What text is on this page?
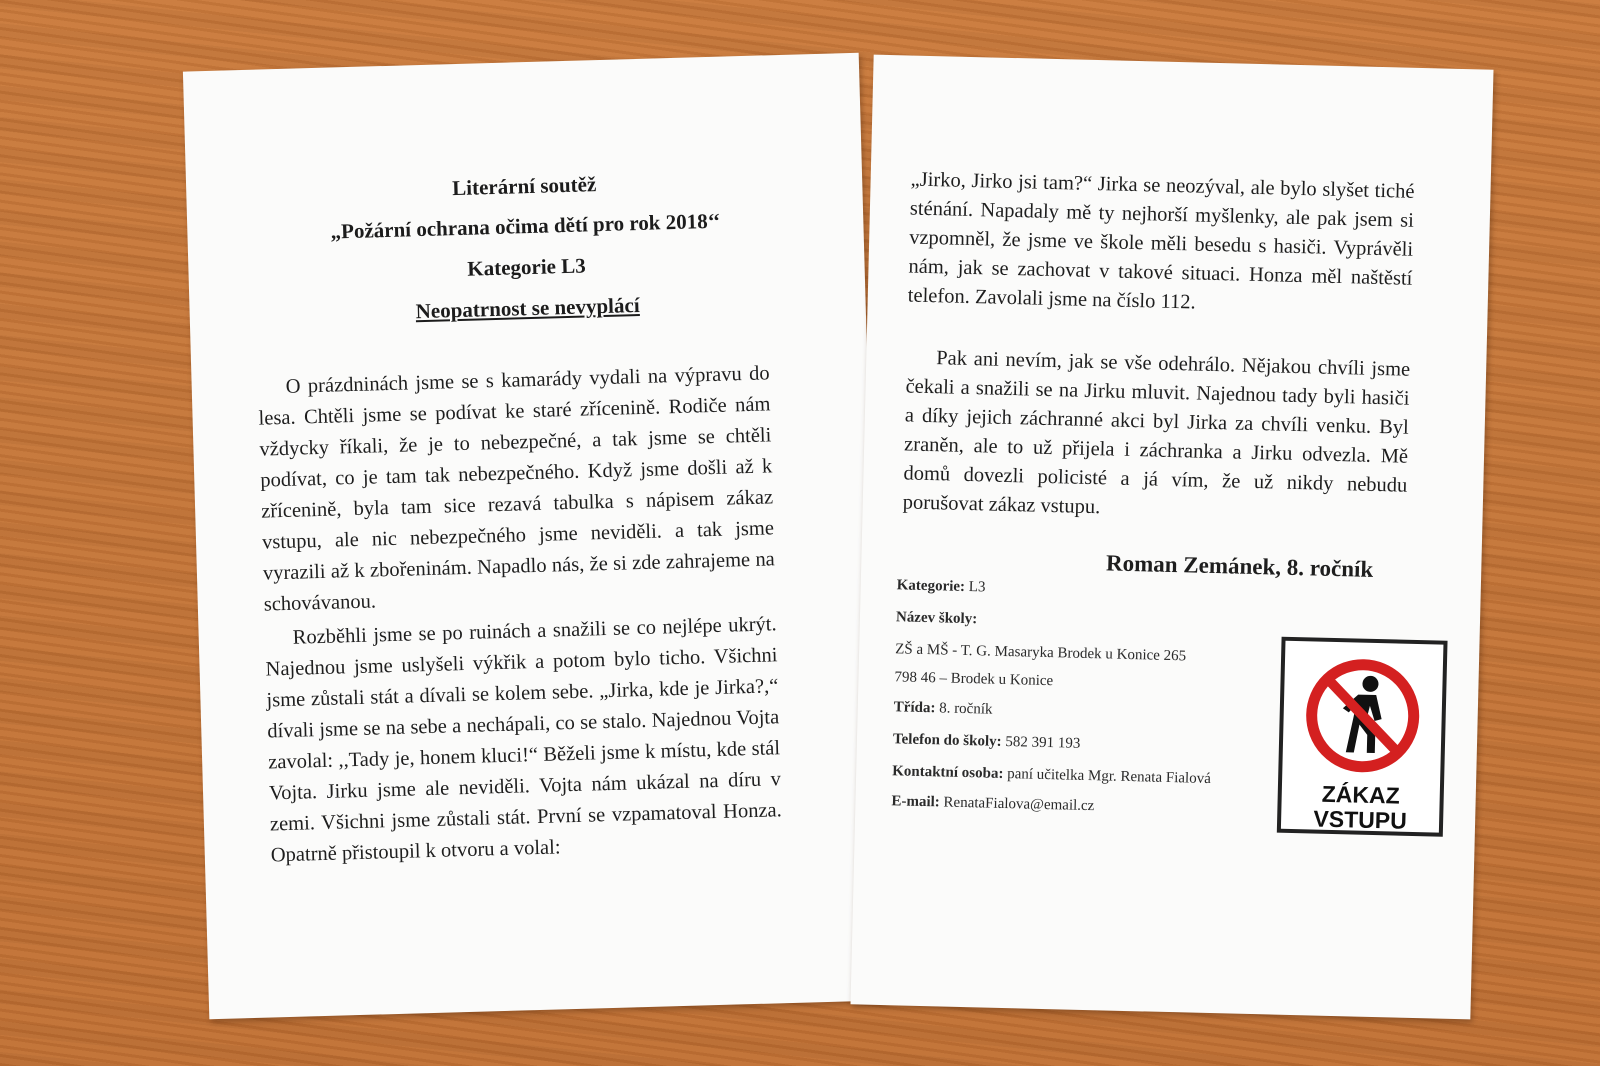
Literární soutěž
„Požární ochrana očima dětí pro rok 2018‘‘
Kategorie L3
Neopatrnost se nevyplácí

O prázdninách jsme se s kamarády vydali na výpravu do lesa. Chtěli jsme se podívat ke staré zřícenině. Rodiče nám vždycky říkali, že je to nebezpečné, a tak jsme se chtěli podívat, co je tam tak nebezpečného. Když jsme došli až k zřícenině, byla tam sice rezavá tabulka s nápisem zákaz vstupu, ale nic nebezpečného jsme neviděli. a tak jsme vyrazili až k zbořeninám. Napadlo nás, že si zde zahrajeme na schovávanou.

Rozběhli jsme se po ruinách a snažili se co nejlépe ukrýt. Najednou jsme uslyšeli výkřik a potom bylo ticho. Všichni jsme zůstali stát a dívali se kolem sebe. „Jirka, kde je Jirka?,“ dívali jsme se na sebe a nechápali, co se stalo. Najednou Vojta zavolal: ,,Tady je, honem kluci!“ Běželi jsme k místu, kde stál Vojta. Jirku jsme ale neviděli. Vojta nám ukázal na díru v zemi. Všichni jsme zůstali stát. První se vzpamatoval Honza. Opatrně přistoupil k otvoru a volal:

„Jirko, Jirko jsi tam?“ Jirka se neozýval, ale bylo slyšet tiché sténání. Napadaly mě ty nejhorší myšlenky, ale pak jsem si vzpomněl, že jsme ve škole měli besedu s hasiči. Vyprávěli nám, jak se zachovat v takové situaci. Honza měl naštěstí telefon. Zavolali jsme na číslo 112.

Pak ani nevím, jak se vše odehrálo. Nějakou chvíli jsme čekali a snažili se na Jirku mluvit. Najednou tady byli hasiči a díky jejich záchranné akci byl Jirka za chvíli venku. Byl zraněn, ale to už přijela i záchranka a Jirku odvezla. Mě domů dovezli policisté a já vím, že už nikdy nebudu porušovat zákaz vstupu.

Roman Zemánek, 8. ročník
Kategorie: L3
Název školy:
ZŠ a MŠ - T. G. Masaryka Brodek u Konice 265
798 46 – Brodek u Konice
Třída: 8. ročník
Telefon do školy: 582 391 193
Kontaktní osoba: paní učitelka Mgr. Renata Fialová
E-mail: RenataFialova@email.cz	ZÁKAZ
VSTUPU
